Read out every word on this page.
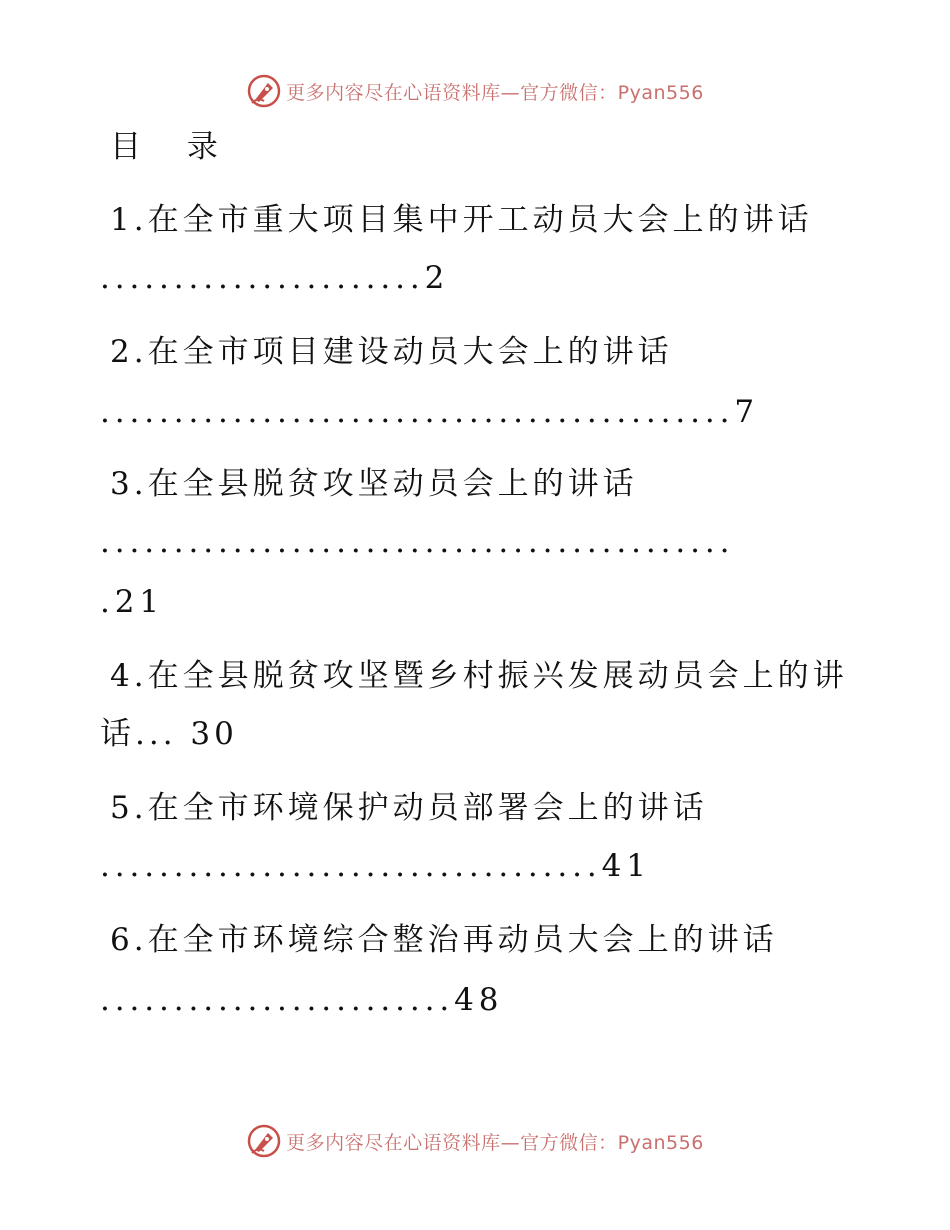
更多内容尽在心语资料库—官方微信：Pyan556
目 录
1.在全市重大项目集中开工动员大会上的讲话
......................2
2.在全市项目建设动员大会上的讲话
...........................................7
3.在全县脱贫攻坚动员会上的讲话
...........................................
.21
4.在全县脱贫攻坚暨乡村振兴发展动员会上的讲
话... 30
5.在全市环境保护动员部署会上的讲话
..................................41
6.在全市环境综合整治再动员大会上的讲话
........................48
更多内容尽在心语资料库—官方微信：Pyan556
